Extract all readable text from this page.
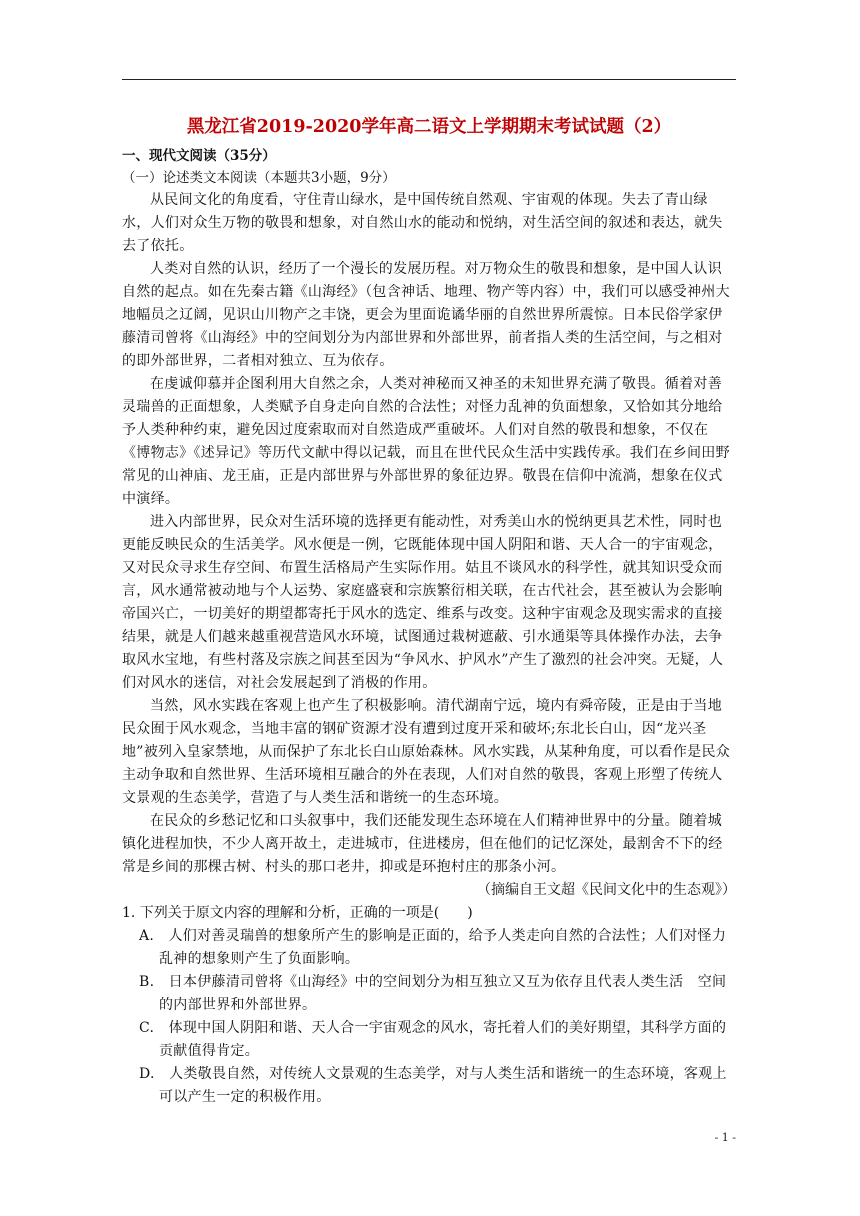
黑龙江省2019-2020学年高二语文上学期期末考试试题（2）

一、现代文阅读（35分）

（一）论述类文本阅读（本题共3小题，9分）

从民间文化的角度看，守住青山绿水，是中国传统自然观、宇宙观的体现。失去了青山绿水，人们对众生万物的敬畏和想象，对自然山水的能动和悦纳，对生活空间的叙述和表达，就失去了依托。

人类对自然的认识，经历了一个漫长的发展历程。对万物众生的敬畏和想象，是中国人认识自然的起点。如在先秦古籍《山海经》（包含神话、地理、物产等内容）中，我们可以感受神州大地幅员之辽阔，见识山川物产之丰饶，更会为里面诡谲华丽的自然世界所震惊。日本民俗学家伊藤清司曾将《山海经》中的空间划分为内部世界和外部世界，前者指人类的生活空间，与之相对的即外部世界，二者相对独立、互为依存。

在虔诚仰慕并企图利用大自然之余，人类对神秘而又神圣的未知世界充满了敬畏。循着对善灵瑞兽的正面想象，人类赋予自身走向自然的合法性；对怪力乱神的负面想象，又恰如其分地给予人类种种约束，避免因过度索取而对自然造成严重破坏。人们对自然的敬畏和想象，不仅在《博物志》《述异记》等历代文献中得以记载，而且在世代民众生活中实践传承。我们在乡间田野常见的山神庙、龙王庙，正是内部世界与外部世界的象征边界。敬畏在信仰中流淌，想象在仪式中演绎。

进入内部世界，民众对生活环境的选择更有能动性，对秀美山水的悦纳更具艺术性，同时也更能反映民众的生活美学。风水便是一例，它既能体现中国人阴阳和谐、天人合一的宇宙观念，又对民众寻求生存空间、布置生活格局产生实际作用。姑且不谈风水的科学性，就其知识受众而言，风水通常被动地与个人运势、家庭盛衰和宗族繁衍相关联，在古代社会，甚至被认为会影响帝国兴亡，一切美好的期望都寄托于风水的选定、维系与改变。这种宇宙观念及现实需求的直接结果，就是人们越来越重视营造风水环境，试图通过栽树遮蔽、引水通渠等具体操作办法，去争取风水宝地，有些村落及宗族之间甚至因为“争风水、护风水”产生了激烈的社会冲突。无疑，人们对风水的迷信，对社会发展起到了消极的作用。

当然，风水实践在客观上也产生了积极影响。清代湖南宁远，境内有舜帝陵，正是由于当地民众囿于风水观念，当地丰富的钢矿资源才没有遭到过度开采和破坏;东北长白山，因“龙兴圣地”被列入皇家禁地，从而保护了东北长白山原始森林。风水实践，从某种角度，可以看作是民众主动争取和自然世界、生活环境相互融合的外在表现，人们对自然的敬畏，客观上形塑了传统人文景观的生态美学，营造了与人类生活和谐统一的生态环境。

在民众的乡愁记忆和口头叙事中，我们还能发现生态环境在人们精神世界中的分量。随着城镇化进程加快，不少人离开故土，走进城市，住进楼房，但在他们的记忆深处，最割舍不下的经常是乡间的那棵古树、村头的那口老井，抑或是环抱村庄的那条小河。

（摘编自王文超《民间文化中的生态观》）

1. 下列关于原文内容的理解和分析，正确的一项是(　　)

A.　人们对善灵瑞兽的想象所产生的影响是正面的，给予人类走向自然的合法性；人们对怪力乱神的想象则产生了负面影响。

B.　日本伊藤清司曾将《山海经》中的空间划分为相互独立又互为依存且代表人类生活　空间的内部世界和外部世界。

C.　体现中国人阴阳和谐、天人合一宇宙观念的风水，寄托着人们的美好期望，其科学方面的贡献值得肯定。

D.　人类敬畏自然，对传统人文景观的生态美学，对与人类生活和谐统一的生态环境，客观上可以产生一定的积极作用。

- 1 -
